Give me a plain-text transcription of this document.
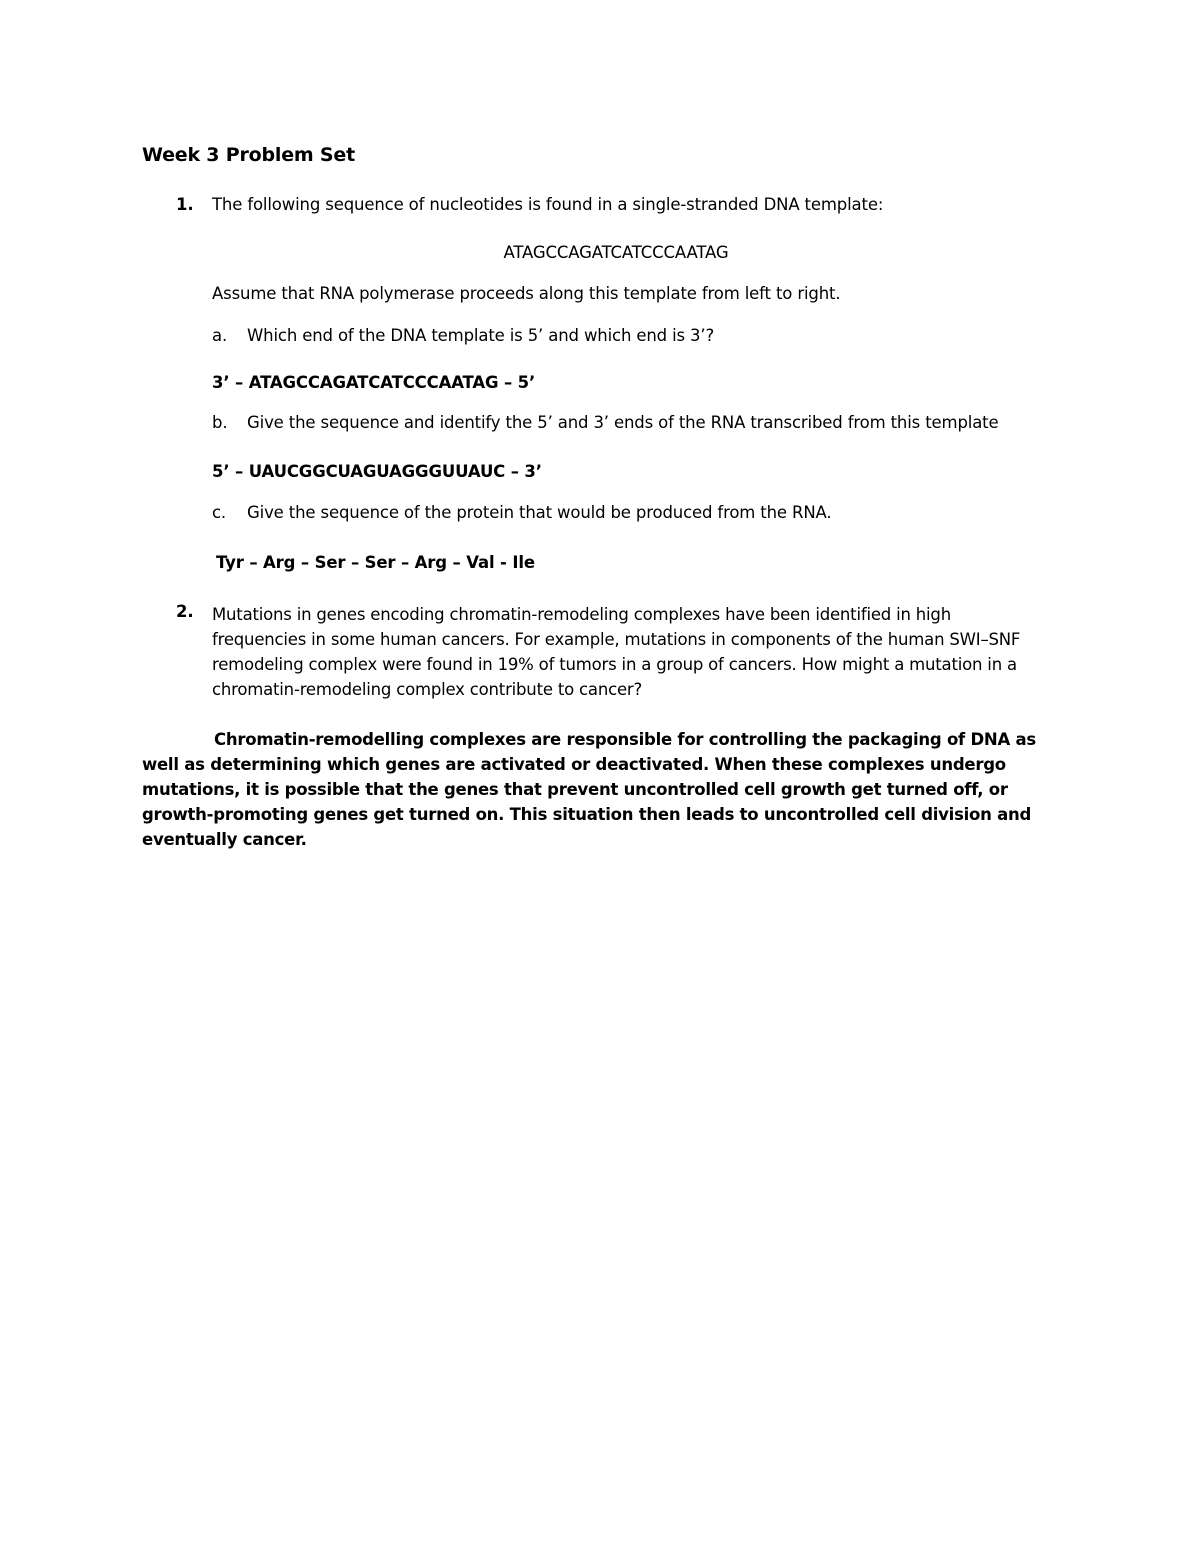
Week 3 Problem Set
1.	The following sequence of nucleotides is found in a single-stranded DNA template:
ATAGCCAGATCATCCCAATAG
Assume that RNA polymerase proceeds along this template from left to right.
a. Which end of the DNA template is 5’ and which end is 3’?
3’ – ATAGCCAGATCATCCCAATAG – 5’
b. Give the sequence and identify the 5’ and 3’ ends of the RNA transcribed from this template
5’ – UAUCGGCUAGUAGGGUUAUC – 3’
c. Give the sequence of the protein that would be produced from the RNA.
Tyr – Arg – Ser – Ser – Arg – Val - Ile
2.	Mutations in genes encoding chromatin-remodeling complexes have been identified in high frequencies in some human cancers. For example, mutations in components of the human SWI–SNF remodeling complex were found in 19% of tumors in a group of cancers. How might a mutation in a chromatin-remodeling complex contribute to cancer?
Chromatin-remodelling complexes are responsible for controlling the packaging of DNA as well as determining which genes are activated or deactivated. When these complexes undergo mutations, it is possible that the genes that prevent uncontrolled cell growth get turned off, or growth-promoting genes get turned on. This situation then leads to uncontrolled cell division and eventually cancer.
